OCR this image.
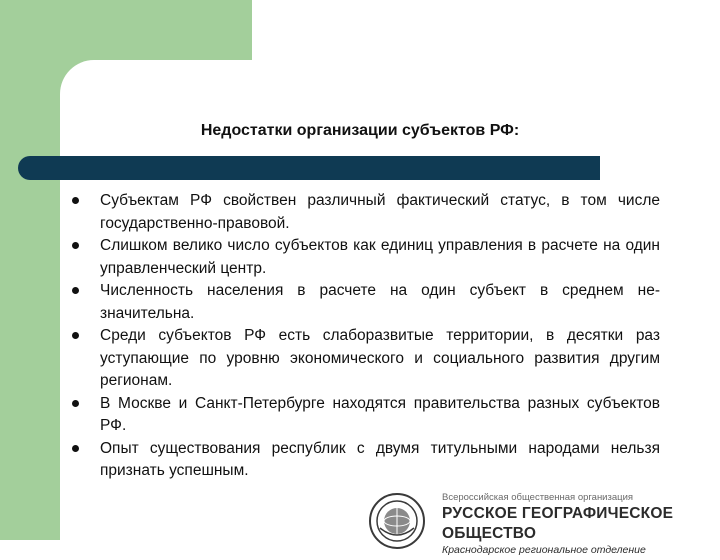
Недостатки организации субъектов РФ:
Субъектам РФ свойствен различный фактический статус, в том числе государственно-правовой.
Слишком велико число субъектов как единиц управления в расчете на один управленческий центр.
Численность населения в расчете на один субъект в среднем не-значительна.
Среди субъектов РФ есть слаборазвитые территории, в десятки раз уступающие по уровню экономического и социального развития другим регионам.
В Москве и Санкт-Петербурге находятся правительства разных субъектов РФ.
Опыт существования республик с двумя титульными народами нельзя признать успешным.
Всероссийская общественная организация
РУССКОЕ ГЕОГРАФИЧЕСКОЕ ОБЩЕСТВО
Краснодарское региональное отделение
